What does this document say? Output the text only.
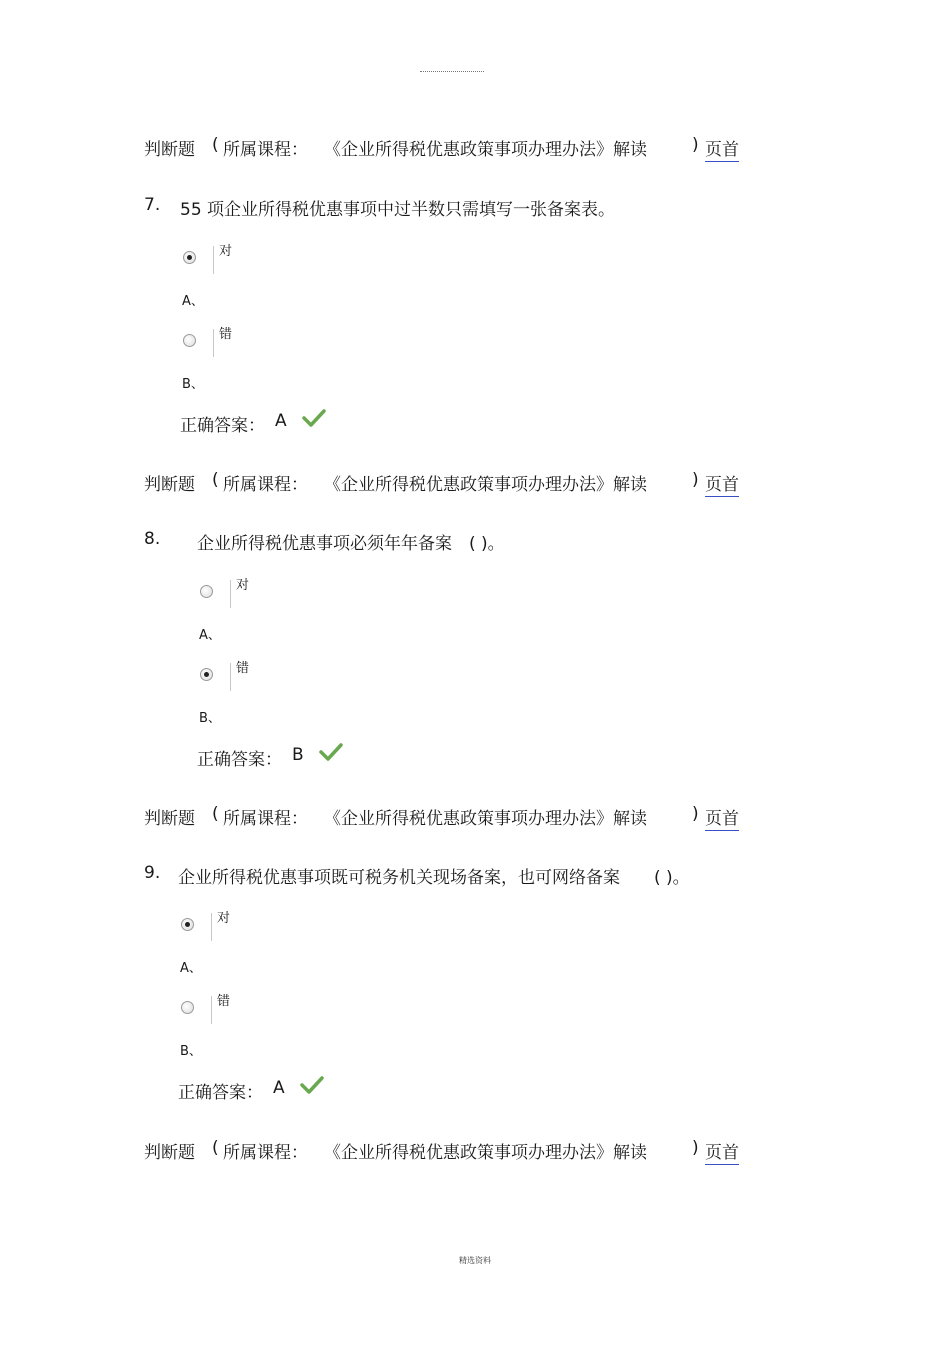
判断题 ( 所属课程： 《企业所得税优惠政策事项办理办法》解读	) 页首
7. 55 项企业所得税优惠事项中过半数只需填写一张备案表。
对
A、
错
B、
正确答案： A
判断题 ( 所属课程： 《企业所得税优惠政策事项办理办法》解读	) 页首
8. 企业所得税优惠事项必须年年备案　( )。
对
A、
错
B、
正确答案： B
判断题 ( 所属课程： 《企业所得税优惠政策事项办理办法》解读	) 页首
9. 企业所得税优惠事项既可税务机关现场备案，也可网络备案　　( )。
对
A、
错
B、
正确答案： A
判断题 ( 所属课程： 《企业所得税优惠政策事项办理办法》解读	) 页首
精选资料
